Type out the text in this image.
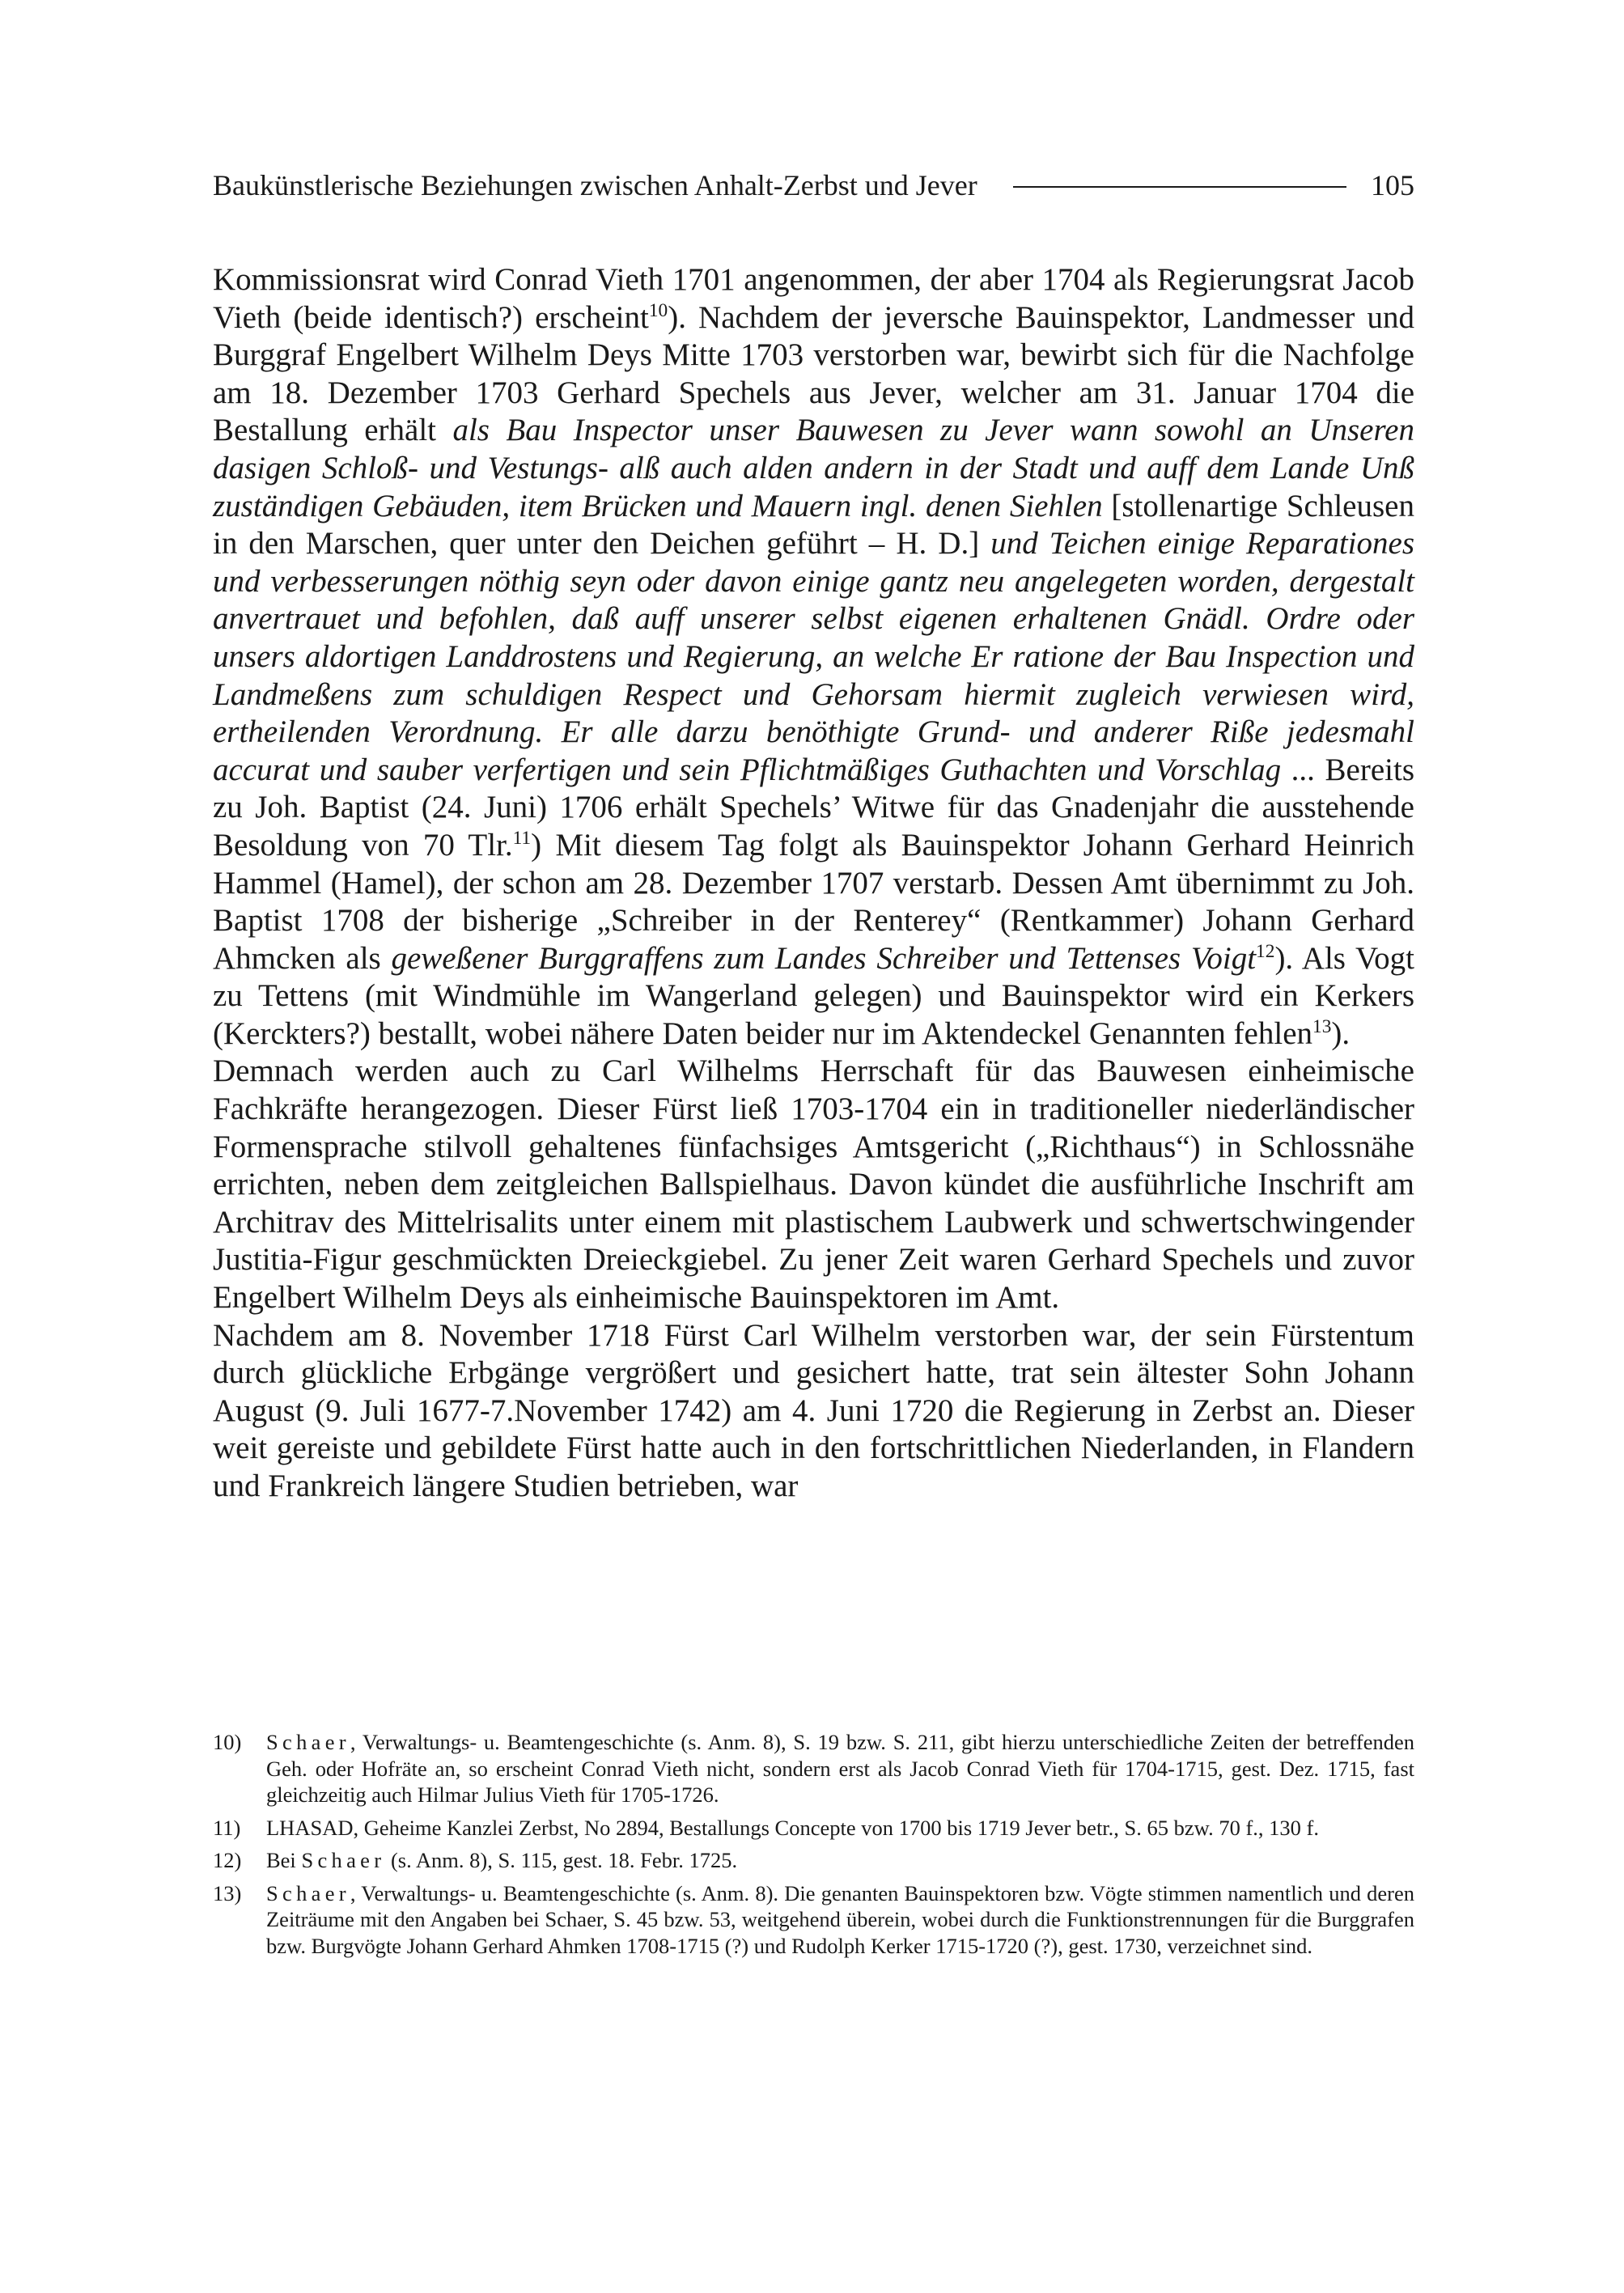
Baukünstlerische Beziehungen zwischen Anhalt-Zerbst und Jever	105

Kommissionsrat wird Conrad Vieth 1701 angenommen, der aber 1704 als Regierungsrat Jacob Vieth (beide identisch?) erscheint$^{10}$). Nachdem der jeversche Bauinspektor, Landmesser und Burggraf Engelbert Wilhelm Deys Mitte 1703 verstorben war, bewirbt sich für die Nachfolge am 18. Dezember 1703 Gerhard Spechels aus Jever, welcher am 31. Januar 1704 die Bestallung erhält als Bau Inspector unser Bauwesen zu Jever wann sowohl an Unseren dasigen Schloß- und Vestungs- alß auch alden andern in der Stadt und auff dem Lande Unß zuständigen Gebäuden, item Brücken und Mauern ingl. denen Siehlen [stollenartige Schleusen in den Marschen, quer unter den Deichen geführt – H. D.] und Teichen einige Reparationes und verbesserungen nöthig seyn oder davon einige gantz neu angelegeten worden, dergestalt anvertrauet und befohlen, daß auff unserer selbst eigenen erhaltenen Gnädl. Ordre oder unsers aldortigen Landdrostens und Regierung, an welche Er ratione der Bau Inspection und Landmeßens zum schuldigen Respect und Gehorsam hiermit zugleich verwiesen wird, ertheilenden Verordnung. Er alle darzu benöthigte Grund- und anderer Riße jedesmahl accurat und sauber verfertigen und sein Pflichtmäßiges Guthachten und Vorschlag ... Bereits zu Joh. Baptist (24. Juni) 1706 erhält Spechels’ Witwe für das Gnadenjahr die ausstehende Besoldung von 70 Tlr.$^{11}$) Mit diesem Tag folgt als Bauinspektor Johann Gerhard Heinrich Hammel (Hamel), der schon am 28. Dezember 1707 verstarb. Dessen Amt übernimmt zu Joh. Baptist 1708 der bisherige „Schreiber in der Renterey“ (Rentkammer) Johann Gerhard Ahmcken als geweßener Burggraffens zum Landes Schreiber und Tettenses Voigt$^{12}$). Als Vogt zu Tettens (mit Windmühle im Wangerland gelegen) und Bauinspektor wird ein Kerkers (Kerckters?) bestallt, wobei nähere Daten beider nur im Aktendeckel Genannten fehlen$^{13}$).

Demnach werden auch zu Carl Wilhelms Herrschaft für das Bauwesen einheimische Fachkräfte herangezogen. Dieser Fürst ließ 1703-1704 ein in traditioneller niederländischer Formensprache stilvoll gehaltenes fünfachsiges Amtsgericht („Richthaus“) in Schlossnähe errichten, neben dem zeitgleichen Ballspielhaus. Davon kündet die ausführliche Inschrift am Architrav des Mittelrisalits unter einem mit plastischem Laubwerk und schwertschwingender Justitia-Figur geschmückten Dreieckgiebel. Zu jener Zeit waren Gerhard Spechels und zuvor Engelbert Wilhelm Deys als einheimische Bauinspektoren im Amt.

Nachdem am 8. November 1718 Fürst Carl Wilhelm verstorben war, der sein Fürstentum durch glückliche Erbgänge vergrößert und gesichert hatte, trat sein ältester Sohn Johann August (9. Juli 1677-7.November 1742) am 4. Juni 1720 die Regierung in Zerbst an. Dieser weit gereiste und gebildete Fürst hatte auch in den fortschrittlichen Niederlanden, in Flandern und Frankreich längere Studien betrieben, war

10)	Schaer, Verwaltungs- u. Beamtengeschichte (s. Anm. 8), S. 19 bzw. S. 211, gibt hierzu unterschiedliche Zeiten der betreffenden Geh. oder Hofräte an, so erscheint Conrad Vieth nicht, sondern erst als Jacob Conrad Vieth für 1704-1715, gest. Dez. 1715, fast gleichzeitig auch Hilmar Julius Vieth für 1705-1726.
11)	LHASAD, Geheime Kanzlei Zerbst, No 2894, Bestallungs Concepte von 1700 bis 1719 Jever betr., S. 65 bzw. 70 f., 130 f.
12)	Bei Schaer (s. Anm. 8), S. 115, gest. 18. Febr. 1725.
13)	Schaer, Verwaltungs- u. Beamtengeschichte (s. Anm. 8). Die genanten Bauinspektoren bzw. Vögte stimmen namentlich und deren Zeiträume mit den Angaben bei Schaer, S. 45 bzw. 53, weitgehend überein, wobei durch die Funktionstrennungen für die Burggrafen bzw. Burgvögte Johann Gerhard Ahmken 1708-1715 (?) und Rudolph Kerker 1715-1720 (?), gest. 1730, verzeichnet sind.
